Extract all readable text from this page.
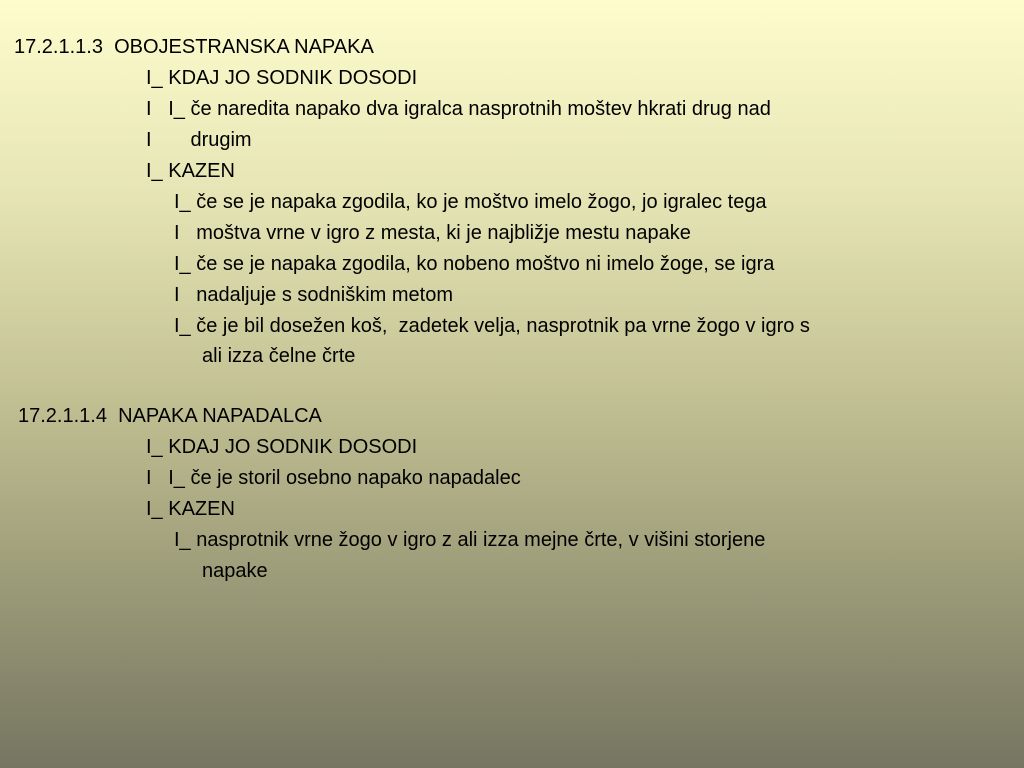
17.2.1.1.3  OBOJESTRANSKA NAPAKA
I_ KDAJ JO SODNIK DOSODI
I   I_ če naredita napako dva igralca nasprotnih moštev hkrati drug nad
I       drugim
I_ KAZEN
I_ če se je napaka zgodila, ko je moštvo imelo žogo, jo igralec tega
I   moštva vrne v igro z mesta, ki je najbližje mestu napake
I_ če se je napaka zgodila, ko nobeno moštvo ni imelo žoge, se igra
I   nadaljuje s sodniškim metom
I_ če je bil dosežen koš,  zadetek velja, nasprotnik pa vrne žogo v igro s
ali izza čelne črte
17.2.1.1.4  NAPAKA NAPADALCA
I_ KDAJ JO SODNIK DOSODI
I   I_ če je storil osebno napako napadalec
I_ KAZEN
I_ nasprotnik vrne žogo v igro z ali izza mejne črte, v višini storjene
napake
